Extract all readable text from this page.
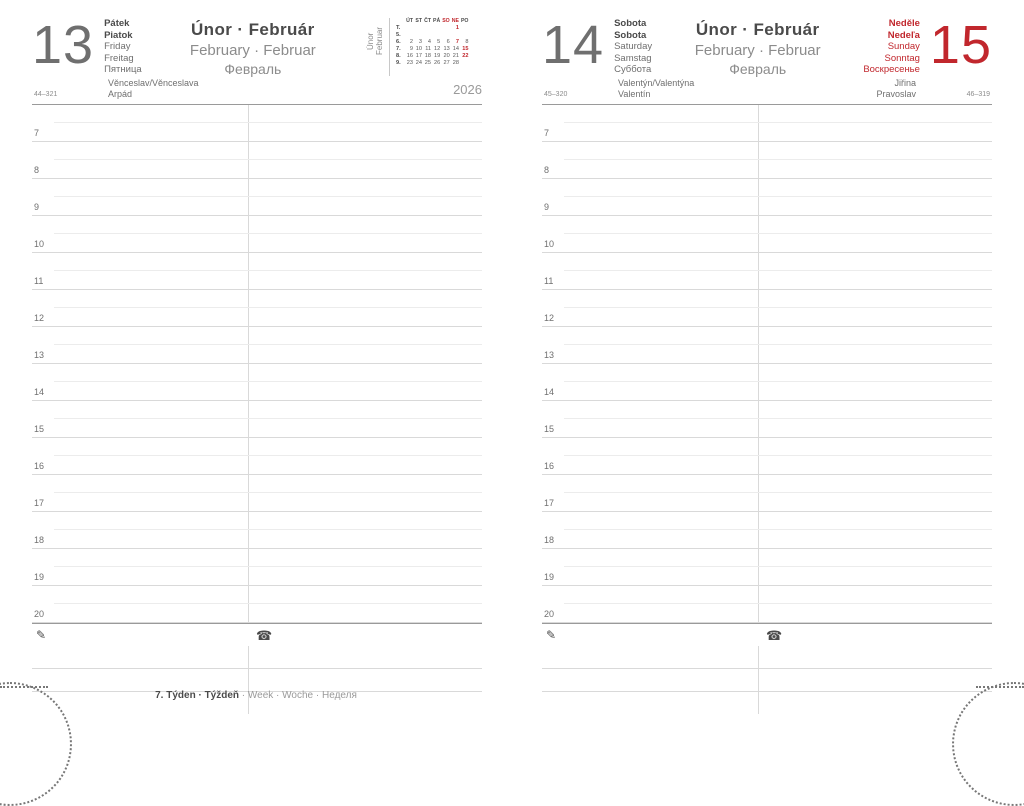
13 Pátek
Piatok
Friday
Freitag
Пятница
Únor · Február
February · Februar
Февраль
Únor
Februar
	ÚT	ST	ČT	PÁ	SO	NE	PO
T.						1	
5.							
6.	2	3	4	5	6	7	8
7.	9	10	11	12	13	14	15
8.	16	17	18	19	20	21	22
9.	23	24	25	26	27	28	
2026
Věnceslav/Věnceslava
Arpád
44–321
7
8
9
10
11
12
13
14
15
16
17
18
19
20
✎	☎
7. Týden · Týždeň · Week · Woche · Неделя
14 Sobota
Sobota
Saturday
Samstag
Суббота
Únor · Február
February · Februar
Февраль
Neděle
Nedeľa
Sunday
Sonntag
Воскресенье 15
Valentýn/Valentýna
Valentín
45–320
Jiřina
Pravoslav	46–319
7
8
9
10
11
12
13
14
15
16
17
18
19
20
✎	☎
